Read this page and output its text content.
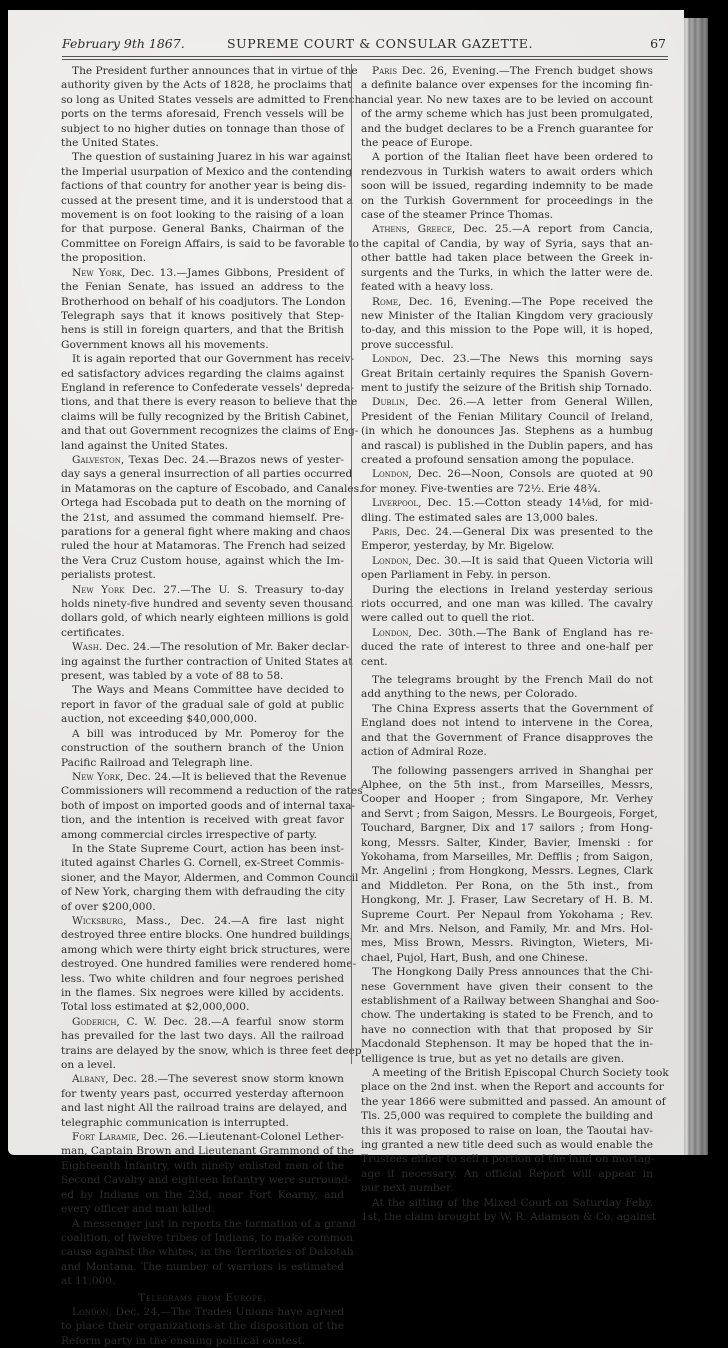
February 9th 1867.	SUPREME COURT & CONSULAR GAZETTE.	67
The President further announces that in virtue of the
authority given by the Acts of 1828, he proclaims that
so long as United States vessels are admitted to French
ports on the terms aforesaid, French vessels will be
subject to no higher duties on tonnage than those of
the United States.
The question of sustaining Juarez in his war against
the Imperial usurpation of Mexico and the contending
factions of that country for another year is being dis-
cussed at the present time, and it is understood that a
movement is on foot looking to the raising of a loan
for that purpose. General Banks, Chairman of the
Committee on Foreign Affairs, is said to be favorable to
the proposition.
New York, Dec. 13.—James Gibbons, President of
the Fenian Senate, has issued an address to the
Brotherhood on behalf of his coadjutors. The London
Telegraph says that it knows positively that Step-
hens is still in foreign quarters, and that the British
Government knows all his movements.
It is again reported that our Government has receiv-
ed satisfactory advices regarding the claims against
England in reference to Confederate vessels' depreda-
tions, and that there is every reason to believe that the
claims will be fully recognized by the British Cabinet,
and that out Government recognizes the claims of Eng-
land against the United States.
Galveston, Texas Dec. 24.—Brazos news of yester-
day says a general insurrection of all parties occurred
in Matamoras on the capture of Escobado, and Canales.
Ortega had Escobada put to death on the morning of
the 21st, and assumed the command hiemself. Pre-
parations for a general fight where making and chaos
ruled the hour at Matamoras. The French had seized
the Vera Cruz Custom house, against which the Im-
perialists protest.
New York Dec. 27.—The U. S. Treasury to-day
holds ninety-five hundred and seventy seven thousand
dollars gold, of which nearly eighteen millions is gold
certificates.
Wash. Dec. 24.—The resolution of Mr. Baker declar-
ing against the further contraction of United States at
present, was tabled by a vote of 88 to 58.
The Ways and Means Committee have decided to
report in favor of the gradual sale of gold at public
auction, not exceeding $40,000,000.
A bill was introduced by Mr. Pomeroy for the
construction of the southern branch of the Union
Pacific Railroad and Telegraph line.
New York, Dec. 24.—It is believed that the Revenue
Commissioners will recommend a reduction of the rates
both of impost on imported goods and of internal taxa-
tion, and the intention is received with great favor
among commercial circles irrespective of party.
In the State Supreme Court, action has been inst-
ituted against Charles G. Cornell, ex-Street Commis-
sioner, and the Mayor, Aldermen, and Common Council
of New York, charging them with defrauding the city
of over $200,000.
Wicksburg, Mass., Dec. 24.—A fire last night
destroyed three entire blocks. One hundred buildings,
among which were thirty eight brick structures, were
destroyed. One hundred families were rendered home-
less. Two white children and four negroes perished
in the flames. Six negroes were killed by accidents.
Total loss estimated at $2,000,000.
Goderich, C. W. Dec. 28.—A fearful snow storm
has prevailed for the last two days. All the railroad
trains are delayed by the snow, which is three feet deep
on a level.
Albany, Dec. 28.—The severest snow storm known
for twenty years past, occurred yesterday afternoon
and last night All the railroad trains are delayed, and
telegraphic communication is interrupted.
Fort Laramie, Dec. 26.—Lieutenant-Colonel Lether-
man, Captain Brown and Lieutenant Grammond of the
Eighteenth Infantry, with ninety enlisted men of the
Second Cavalry and eighteen Infantry were surround-
ed by Indians on the 23d, near Fort Kearny, and
every officer and man killed.
A messenger just in reports the formation of a grand
coalition, of twelve tribes of Indians, to make common
cause against the whites, in the Territories of Dakotah
and Montana. The number of warriors is estimated
at 11,000.
Telegrams from Europe.
London, Dec. 24,—The Trades Unions have agreed
to place their organizations at the disposition of the
Reform party in the ensuing political contest.
Paris Dec. 26, Evening.—The French budget shows
a definite balance over expenses for the incoming fin-
ancial year. No new taxes are to be levied on account
of the army scheme which has just been promulgated,
and the budget declares to be a French guarantee for
the peace of Europe.
A portion of the Italian fleet have been ordered to
rendezvous in Turkish waters to await orders which
soon will be issued, regarding indemnity to be made
on the Turkish Government for proceedings in the
case of the steamer Prince Thomas.
Athens, Greece, Dec. 25.—A report from Cancia,
the capital of Candia, by way of Syria, says that an-
other battle had taken place between the Greek in-
surgents and the Turks, in which the latter were de.
feated with a heavy loss.
Rome, Dec. 16, Evening.—The Pope received the
new Minister of the Italian Kingdom very graciously
to-day, and this mission to the Pope will, it is hoped,
prove successful.
London, Dec. 23.—The News this morning says
Great Britain certainly requires the Spanish Govern-
ment to justify the seizure of the British ship Tornado.
Dublin, Dec. 26.—A letter from General Willen,
President of the Fenian Military Council of Ireland,
(in which he donounces Jas. Stephens as a humbug
and rascal) is published in the Dublin papers, and has
created a profound sensation among the populace.
London, Dec. 26—Noon, Consols are quoted at 90
for money. Five-twenties are 72½. Erie 48¾.
Liverpool, Dec. 15.—Cotton steady 14⅛d, for mid-
dling. The estimated sales are 13,000 bales.
Paris, Dec. 24.—General Dix was presented to the
Emperor, yesterday, by Mr. Bigelow.
London, Dec. 30.—It is said that Queen Victoria will
open Parliament in Feby. in person.
During the elections in Ireland yesterday serious
riots occurred, and one man was killed. The cavalry
were called out to quell the riot.
London, Dec. 30th.—The Bank of England has re-
duced the rate of interest to three and one-half per
cent.
The telegrams brought by the French Mail do not
add anything to the news, per Colorado.
The China Express asserts that the Government of
England does not intend to intervene in the Corea,
and that the Government of France disapproves the
action of Admiral Roze.
The following passengers arrived in Shanghai per
Alphee, on the 5th inst., from Marseilles, Messrs,
Cooper and Hooper ; from Singapore, Mr. Verhey
and Servt ; from Saigon, Messrs. Le Bourgeois, Forget,
Touchard, Bargner, Dix and 17 sailors ; from Hong-
kong, Messrs. Salter, Kinder, Bavier, Imenski : for
Yokohama, from Marseilles, Mr. Defflis ; from Saigon,
Mr. Angelini ; from Hongkong, Messrs. Legnes, Clark
and Middleton. Per Rona, on the 5th inst., from
Hongkong, Mr. J. Fraser, Law Secretary of H. B. M.
Supreme Court. Per Nepaul from Yokohama ; Rev.
Mr. and Mrs. Nelson, and Family, Mr. and Mrs. Hol-
mes, Miss Brown, Messrs. Rivington, Wieters, Mi-
chael, Pujol, Hart, Bush, and one Chinese.
The Hongkong Daily Press announces that the Chi-
nese Government have given their consent to the
establishment of a Railway between Shanghai and Soo-
chow. The undertaking is stated to be French, and to
have no connection with that that proposed by Sir
Macdonald Stephenson. It may be hoped that the in-
telligence is true, but as yet no details are given.
A meeting of the British Episcopal Church Society took
place on the 2nd inst. when the Report and accounts for
the year 1866 were submitted and passed. An amount of
Tls. 25,000 was required to complete the building and
this it was proposed to raise on loan, the Taoutai hav-
ing granted a new title deed such as would enable the
Trustees either to sell a portion of the land on mortag-
age if necessary. An official Report will appear in
our next number.
At the sitting of the Mixed Court on Saturday Feby.
1st, the claim brought by W. R. Adamson & Co. against
